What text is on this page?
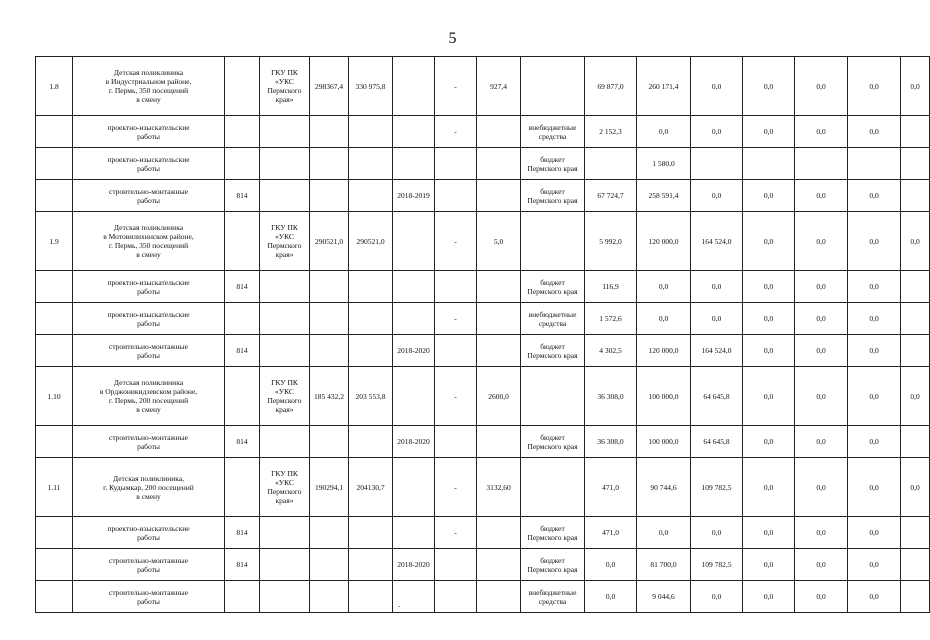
5
1.8	Детская поликлиника
в Индустриальном районе,
г. Пермь, 350 посещений
в смену		ГКУ ПК
«УКС
Пермского
края»	298367,4	330 975,8		-	927,4		69 877,0	260 171,4	0,0	0,0	0,0	0,0	0,0
	проектно-изыскательские
работы						-		внебюджетные
средства	2 152,3	0,0	0,0	0,0	0,0	0,0	
	проектно-изыскательские
работы								бюджет
Пермского края		1 580,0					
	строительно-монтажные
работы	814				2018-2019			бюджет
Пермского края	67 724,7	258 591,4	0,0	0,0	0,0	0,0	
1.9	Детская поликлиника
в Мотовилихинском районе,
г. Пермь, 350 посещений
в смену		ГКУ ПК
«УКС
Пермского
края»	290521,0	290521,0		-	5,0		5 992,0	120 000,0	164 524,0	0,0	0,0	0,0	0,0
	проектно-изыскательские
работы	814							бюджет
Пермского края	116,9	0,0	0,0	0,0	0,0	0,0	
	проектно-изыскательские
работы						-		внебюджетные
средства	1 572,6	0,0	0,0	0,0	0,0	0,0	
	строительно-монтажные
работы	814				2018-2020			бюджет
Пермского края	4 302,5	120 000,0	164 524,0	0,0	0,0	0,0	
1.10	Детская поликлиника
в Орджоникидзевском районе,
г. Пермь, 200 посещений
в смену		ГКУ ПК
«УКС
Пермского
края»	185 432,2	203 553,8		-	2600,0		36 308,0	100 000,0	64 645,8	0,0	0,0	0,0	0,0
	строительно-монтажные
работы	814				2018-2020			бюджет
Пермского края	36 308,0	100 000,0	64 645,8	0,0	0,0	0,0	
1.11	Детская поликлиника,
г. Кудымкар, 200 посещений
в смену		ГКУ ПК
«УКС
Пермского
края»	190294,1	204130,7		-	3132,60		471,0	90 744,6	109 782,5	0,0	0,0	0,0	0,0
	проектно-изыскательские
работы	814					-		бюджет
Пермского края	471,0	0,0	0,0	0,0	0,0	0,0	
	строительно-монтажные
работы	814				2018-2020			бюджет
Пермского края	0,0	81 700,0	109 782,5	0,0	0,0	0,0	
	строительно-монтажные
работы								внебюджетные
средства	0,0	9 044,6	0,0	0,0	0,0	0,0	
